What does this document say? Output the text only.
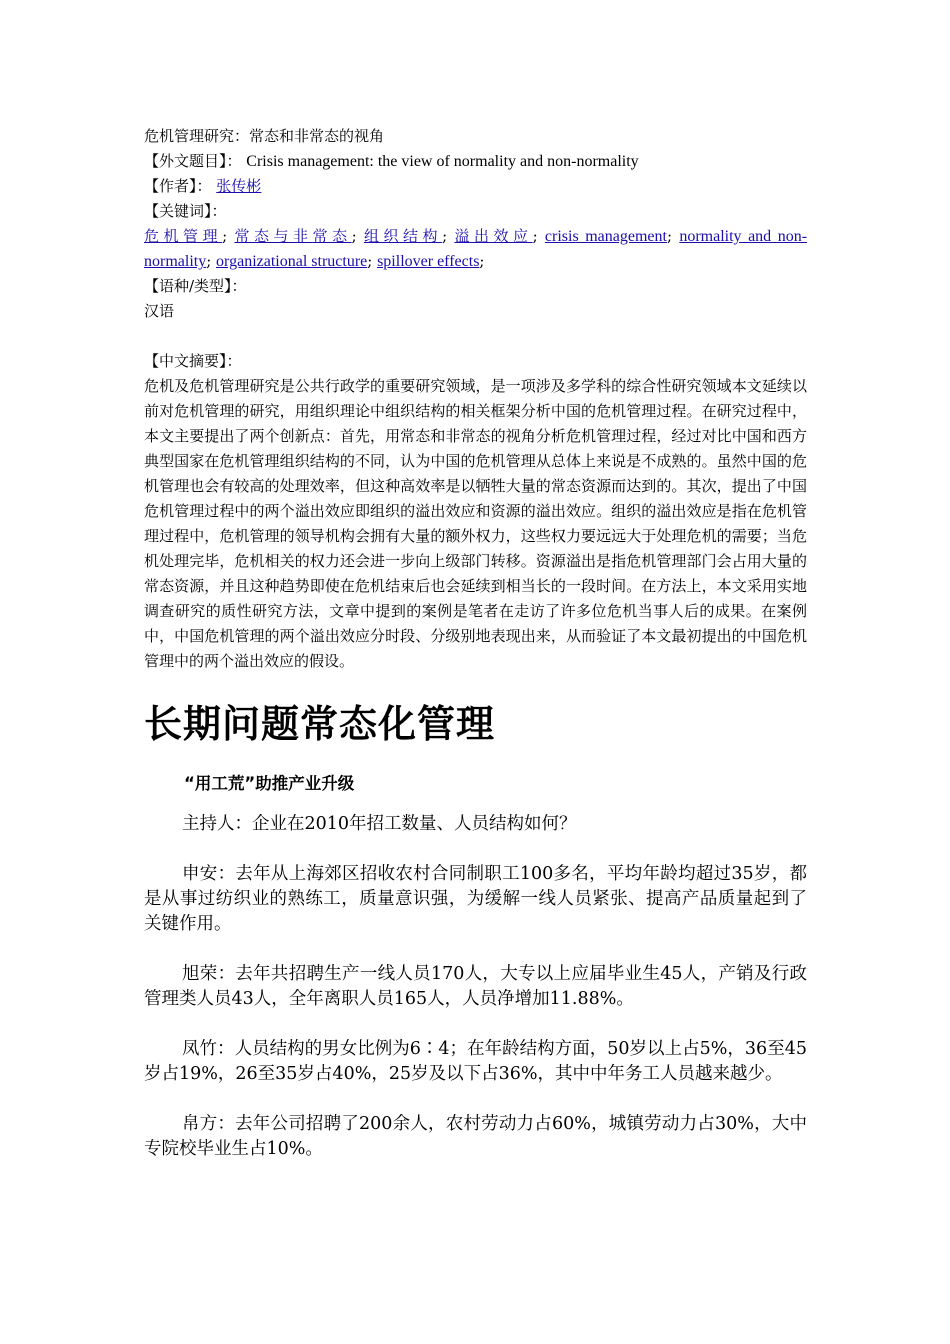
危机管理研究：常态和非常态的视角
【外文题目】： Crisis management: the view of normality and non-normality
【作者】： 张传彬
【关键词】：
危机管理; 常态与非常态; 组织结构; 溢出效应; crisis management; normality and non-normality; organizational structure; spillover effects;
【语种/类型】：
汉语
【中文摘要】：

危机及危机管理研究是公共行政学的重要研究领域，是一项涉及多学科的综合性研究领域本文延续以前对危机管理的研究，用组织理论中组织结构的相关框架分析中国的危机管理过程。在研究过程中，本文主要提出了两个创新点：首先，用常态和非常态的视角分析危机管理过程，经过对比中国和西方典型国家在危机管理组织结构的不同，认为中国的危机管理从总体上来说是不成熟的。虽然中国的危机管理也会有较高的处理效率，但这种高效率是以牺牲大量的常态资源而达到的。其次，提出了中国危机管理过程中的两个溢出效应即组织的溢出效应和资源的溢出效应。组织的溢出效应是指在危机管理过程中，危机管理的领导机构会拥有大量的额外权力，这些权力要远远大于处理危机的需要；当危机处理完毕，危机相关的权力还会进一步向上级部门转移。资源溢出是指危机管理部门会占用大量的常态资源，并且这种趋势即使在危机结束后也会延续到相当长的一段时间。在方法上，本文采用实地调查研究的质性研究方法，文章中提到的案例是笔者在走访了许多位危机当事人后的成果。在案例中，中国危机管理的两个溢出效应分时段、分级别地表现出来，从而验证了本文最初提出的中国危机管理中的两个溢出效应的假设。

长期问题常态化管理
“用工荒”助推产业升级

主持人：企业在2010年招工数量、人员结构如何？

申安：去年从上海郊区招收农村合同制职工100多名，平均年龄均超过35岁，都是从事过纺织业的熟练工，质量意识强，为缓解一线人员紧张、提高产品质量起到了关键作用。

旭荣：去年共招聘生产一线人员170人，大专以上应届毕业生45人，产销及行政管理类人员43人，全年离职人员165人，人员净增加11.88%。

凤竹：人员结构的男女比例为6∶4；在年龄结构方面，50岁以上占5%，36至45岁占19%，26至35岁占40%，25岁及以下占36%，其中中年务工人员越来越少。

帛方：去年公司招聘了200余人，农村劳动力占60%，城镇劳动力占30%，大中专院校毕业生占10%。
